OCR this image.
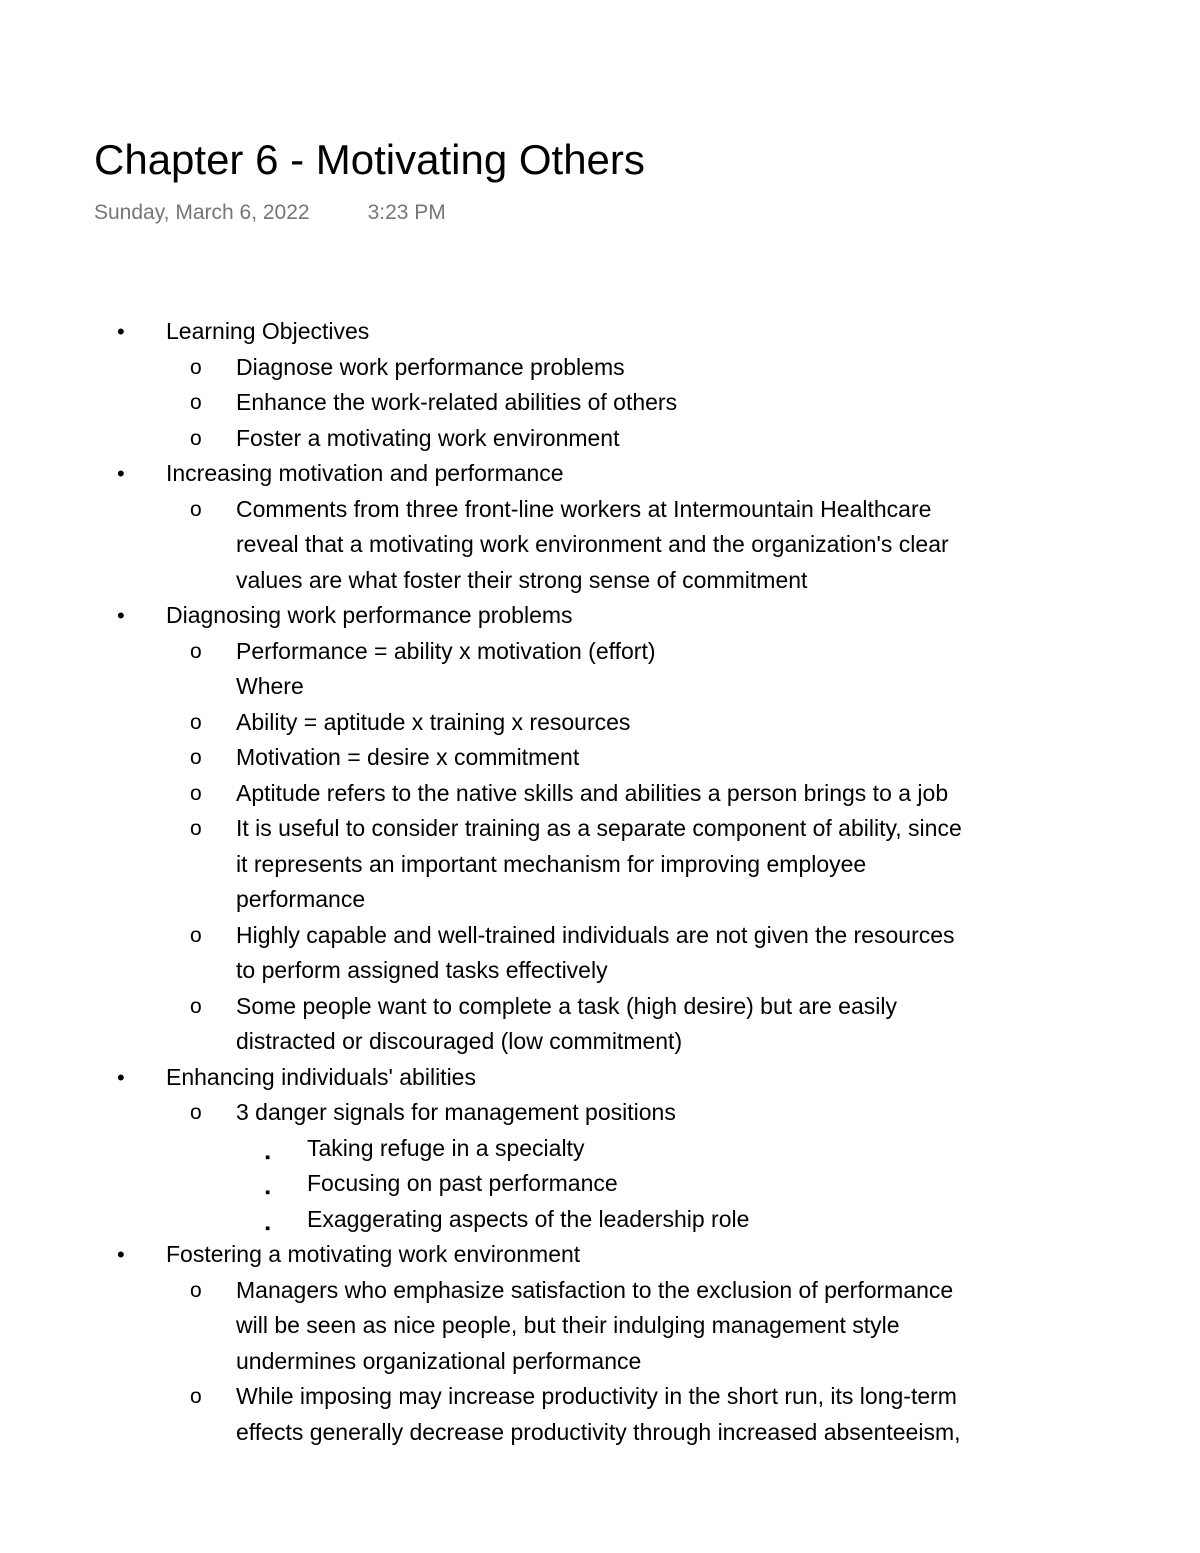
Chapter 6 - Motivating Others
Sunday, March 6, 2022	3:23 PM
• Learning Objectives
o Diagnose work performance problems
o Enhance the work-related abilities of others
o Foster a motivating work environment
• Increasing motivation and performance
o Comments from three front-line workers at Intermountain Healthcare
reveal that a motivating work environment and the organization's clear
values are what foster their strong sense of commitment
• Diagnosing work performance problems
o Performance = ability x motivation (effort)
Where
o Ability = aptitude x training x resources
o Motivation = desire x commitment
o Aptitude refers to the native skills and abilities a person brings to a job
o It is useful to consider training as a separate component of ability, since
it represents an important mechanism for improving employee
performance
o Highly capable and well-trained individuals are not given the resources
to perform assigned tasks effectively
o Some people want to complete a task (high desire) but are easily
distracted or discouraged (low commitment)
• Enhancing individuals' abilities
o 3 danger signals for management positions
▪ Taking refuge in a specialty
▪ Focusing on past performance
▪ Exaggerating aspects of the leadership role
• Fostering a motivating work environment
o Managers who emphasize satisfaction to the exclusion of performance
will be seen as nice people, but their indulging management style
undermines organizational performance
o While imposing may increase productivity in the short run, its long-term
effects generally decrease productivity through increased absenteeism,
